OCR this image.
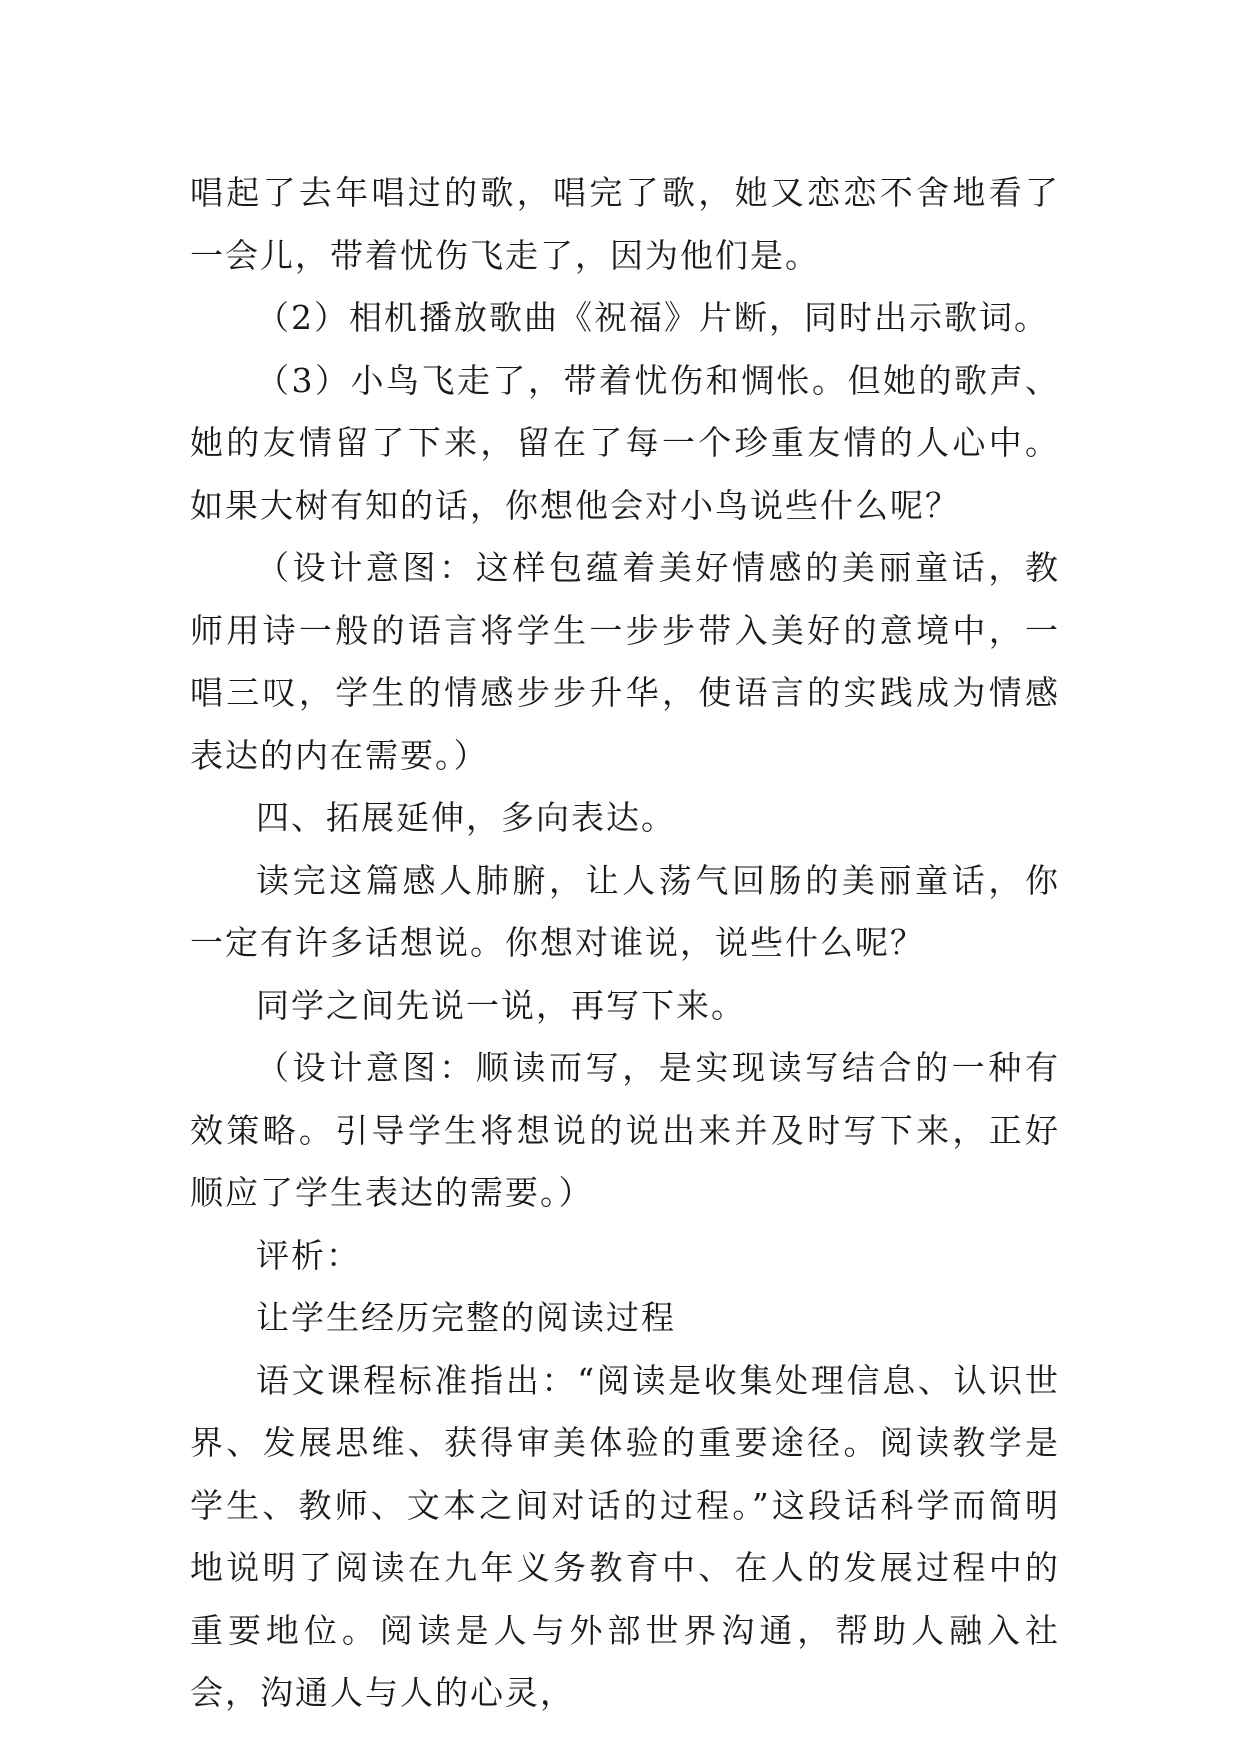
唱起了去年唱过的歌，唱完了歌，她又恋恋不舍地看了一会儿，带着忧伤飞走了，因为他们是。

（2）相机播放歌曲《祝福》片断，同时出示歌词。

（3）小鸟飞走了，带着忧伤和惆怅。但她的歌声、她的友情留了下来，留在了每一个珍重友情的人心中。如果大树有知的话，你想他会对小鸟说些什么呢？

（设计意图：这样包蕴着美好情感的美丽童话，教师用诗一般的语言将学生一步步带入美好的意境中，一唱三叹，学生的情感步步升华，使语言的实践成为情感表达的内在需要。）

四、拓展延伸，多向表达。

读完这篇感人肺腑，让人荡气回肠的美丽童话，你一定有许多话想说。你想对谁说，说些什么呢？

同学之间先说一说，再写下来。

（设计意图：顺读而写，是实现读写结合的一种有效策略。引导学生将想说的说出来并及时写下来，正好顺应了学生表达的需要。）

评析：

让学生经历完整的阅读过程

语文课程标准指出：“阅读是收集处理信息、认识世界、发展思维、获得审美体验的重要途径。阅读教学是学生、教师、文本之间对话的过程。”这段话科学而简明地说明了阅读在九年义务教育中、在人的发展过程中的重要地位。阅读是人与外部世界沟通，帮助人融入社会，沟通人与人的心灵，
